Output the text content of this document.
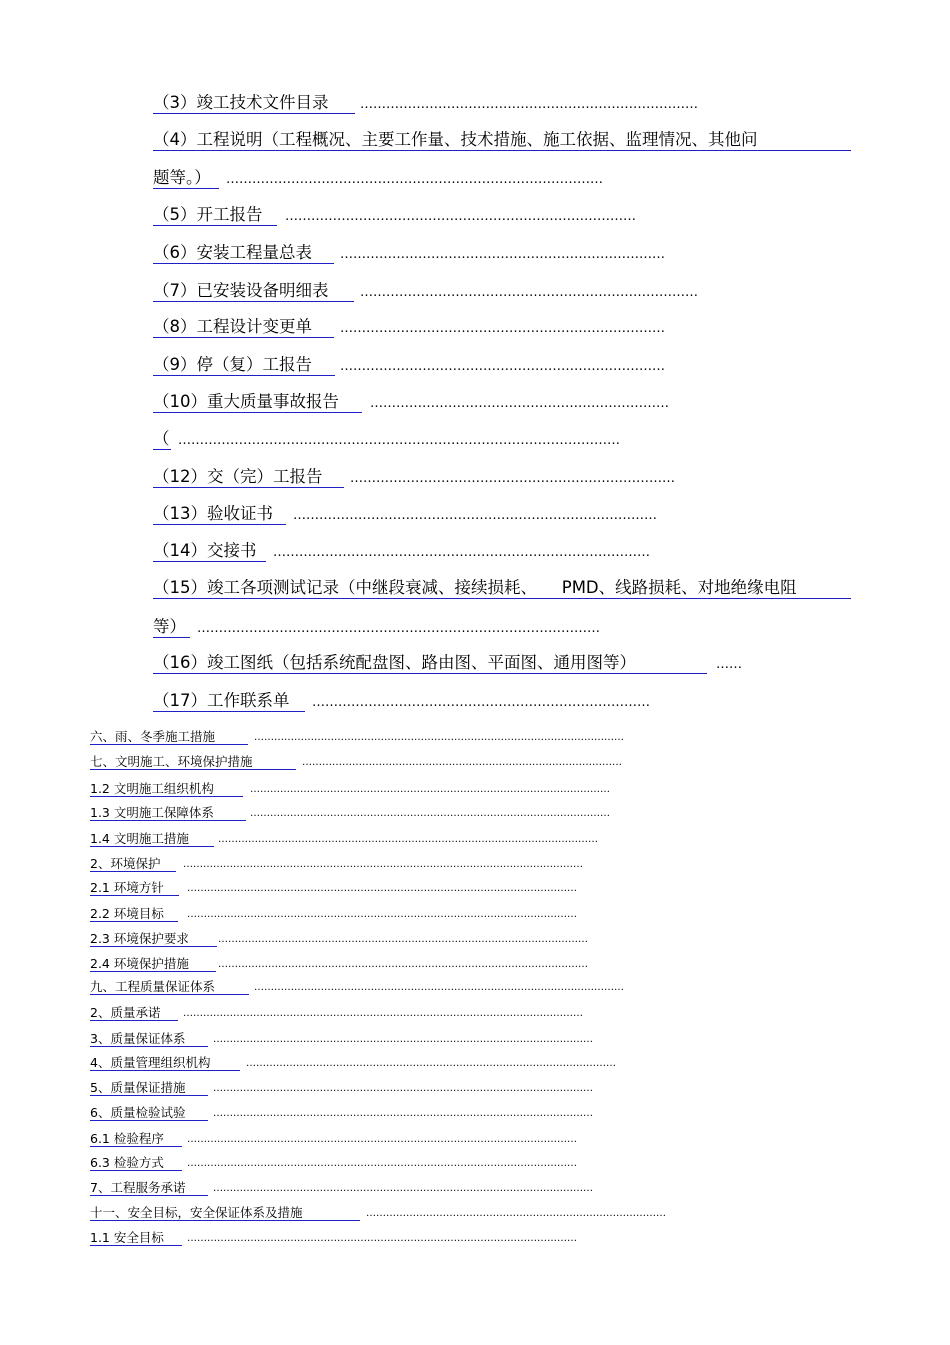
（3）竣工技术文件目录 ……………………………………………………………………
（4）工程说明（工程概况、主要工作量、技术措施、施工依据、监理情况、其他问
题等。） ……………………………………………………………………………
（5）开工报告 ………………………………………………………………………
（6）安装工程量总表 …………………………………………………………………
（7）已安装设备明细表 ……………………………………………………………………
（8）工程设计变更单 …………………………………………………………………
（9）停（复）工报告 …………………………………………………………………
（10）重大质量事故报告 ……………………………………………………………
（ …………………………………………………………………………………………
（12）交（完）工报告 …………………………………………………………………
（13）验收证书 …………………………………………………………………………
（14）交接书 ……………………………………………………………………………
（15）竣工各项测试记录（中继段衰减、接续损耗、　　PMD、线路损耗、对地绝缘电阻
等） …………………………………………………………………………………
（16）竣工图纸（包括系统配盘图、路由图、平面图、通用图等）	……
（17）工作联系单 ……………………………………………………………………
六、雨、冬季施工措施	…………………………………………………………………………………………………
七、文明施工、环境保护措施	……………………………………………………………………………………
1.2 文明施工组织机构	………………………………………………………………………………………………
1.3 文明施工保障体系	………………………………………………………………………………………………
1.4 文明施工措施	……………………………………………………………………………………………………
2、环境保护 …………………………………………………………………………………………………………
2.1 环境方针 ………………………………………………………………………………………………………
2.2 环境目标 ………………………………………………………………………………………………………
2.3 环境保护要求	…………………………………………………………………………………………………
2.4 环境保护措施	…………………………………………………………………………………………………
九、工程质量保证体系	…………………………………………………………………………………………………
2、质量承诺 …………………………………………………………………………………………………………
3、质量保证体系	……………………………………………………………………………………………………
4、质量管理组织机构	…………………………………………………………………………………………………
5、质量保证措施	……………………………………………………………………………………………………
6、质量检验试验	……………………………………………………………………………………………………
6.1 检验程序 ………………………………………………………………………………………………………
6.3 检验方式 ………………………………………………………………………………………………………
7、工程服务承诺	……………………………………………………………………………………………………
十一、安全目标，安全保证体系及措施	………………………………………………………………………………
1.1 安全目标 ………………………………………………………………………………………………………
